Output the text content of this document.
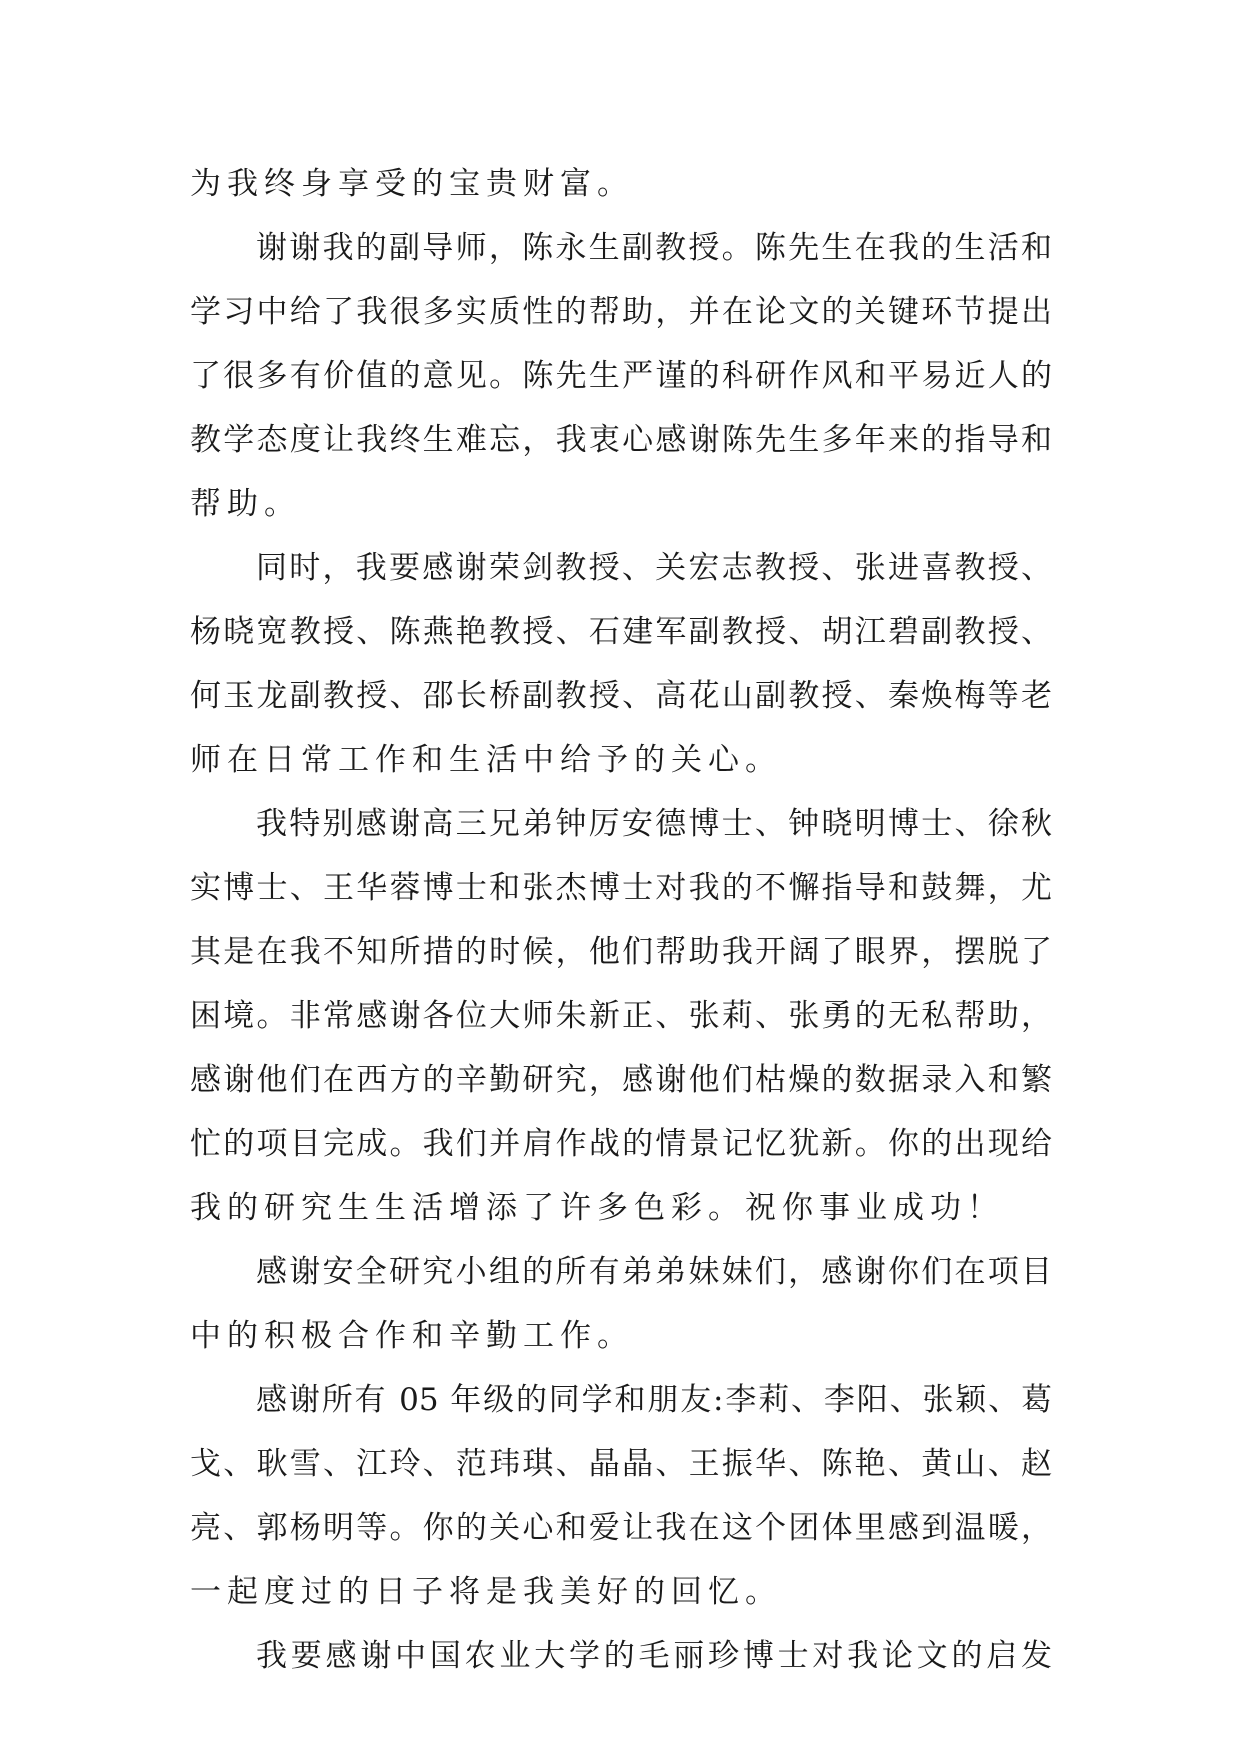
为我终身享受的宝贵财富。
谢谢我的副导师，陈永生副教授。陈先生在我的生活和
学习中给了我很多实质性的帮助，并在论文的关键环节提出
了很多有价值的意见。陈先生严谨的科研作风和平易近人的
教学态度让我终生难忘，我衷心感谢陈先生多年来的指导和
帮助。
同时，我要感谢荣剑教授、关宏志教授、张进喜教授、
杨晓宽教授、陈燕艳教授、石建军副教授、胡江碧副教授、
何玉龙副教授、邵长桥副教授、高花山副教授、秦焕梅等老
师在日常工作和生活中给予的关心。
我特别感谢高三兄弟钟厉安德博士、钟晓明博士、徐秋
实博士、王华蓉博士和张杰博士对我的不懈指导和鼓舞，尤
其是在我不知所措的时候，他们帮助我开阔了眼界，摆脱了
困境。非常感谢各位大师朱新正、张莉、张勇的无私帮助，
感谢他们在西方的辛勤研究，感谢他们枯燥的数据录入和繁
忙的项目完成。我们并肩作战的情景记忆犹新。你的出现给
我的研究生生活增添了许多色彩。祝你事业成功！
感谢安全研究小组的所有弟弟妹妹们，感谢你们在项目
中的积极合作和辛勤工作。
感谢所有 05 年级的同学和朋友:李莉、李阳、张颖、葛
戈、耿雪、江玲、范玮琪、晶晶、王振华、陈艳、黄山、赵
亮、郭杨明等。你的关心和爱让我在这个团体里感到温暖，
一起度过的日子将是我美好的回忆。
我要感谢中国农业大学的毛丽珍博士对我论文的启发
